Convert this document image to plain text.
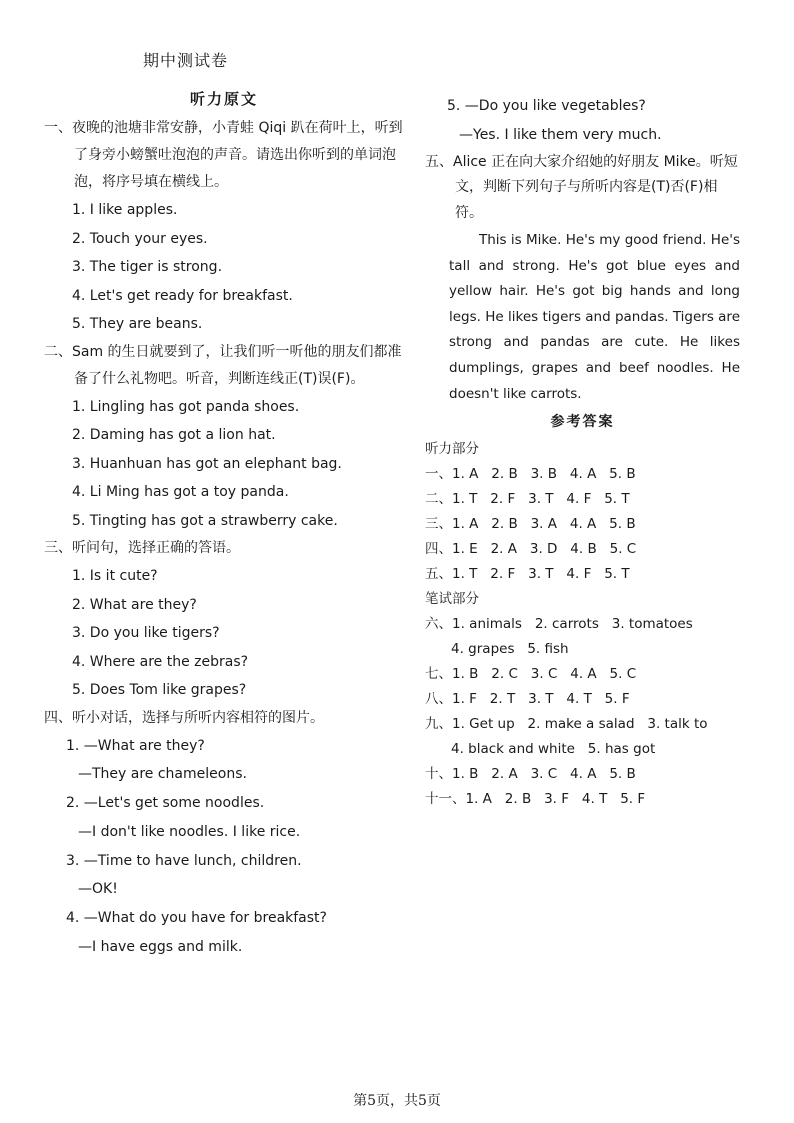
期中测试卷
听力原文

一、夜晚的池塘非常安静，小青蛙 Qiqi 趴在荷叶上，听到了身旁小螃蟹吐泡泡的声音。请选出你听到的单词泡泡，将序号填在横线上。

1. I like apples.
2. Touch your eyes.
3. The tiger is strong.
4. Let's get ready for breakfast.
5. They are beans.

二、Sam 的生日就要到了，让我们听一听他的朋友们都准备了什么礼物吧。听音，判断连线正(T)误(F)。

1. Lingling has got panda shoes.
2. Daming has got a lion hat.
3. Huanhuan has got an elephant bag.
4. Li Ming has got a toy panda.
5. Tingting has got a strawberry cake.

三、听问句，选择正确的答语。

1. Is it cute?
2. What are they?
3. Do you like tigers?
4. Where are the zebras?
5. Does Tom like grapes?

四、听小对话，选择与所听内容相符的图片。

1. —What are they?
—They are chameleons.
2. —Let's get some noodles.
—I don't like noodles. I like rice.
3. —Time to have lunch, children.
—OK!
4. —What do you have for breakfast?
—I have eggs and milk.
5. —Do you like vegetables?
—Yes. I like them very much.

五、Alice 正在向大家介绍她的好朋友 Mike。听短文，判断下列句子与所听内容是(T)否(F)相符。

This is Mike. He's my good friend. He's tall and strong. He's got blue eyes and yellow hair. He's got big hands and long legs. He likes tigers and pandas. Tigers are strong and pandas are cute. He likes dumplings, grapes and beef noodles. He doesn't like carrots.

参考答案

听力部分

一、1. A   2. B   3. B   4. A   5. B

二、1. T   2. F   3. T   4. F   5. T

三、1. A   2. B   3. A   4. A   5. B

四、1. E   2. A   3. D   4. B   5. C

五、1. T   2. F   3. T   4. F   5. T

笔试部分

六、1. animals   2. carrots   3. tomatoes

4. grapes   5. fish

七、1. B   2. C   3. C   4. A   5. C

八、1. F   2. T   3. T   4. T   5. F

九、1. Get up   2. make a salad   3. talk to

4. black and white   5. has got

十、1. B   2. A   3. C   4. A   5. B

十一、1. A   2. B   3. F   4. T   5. F

第5页，共5页
